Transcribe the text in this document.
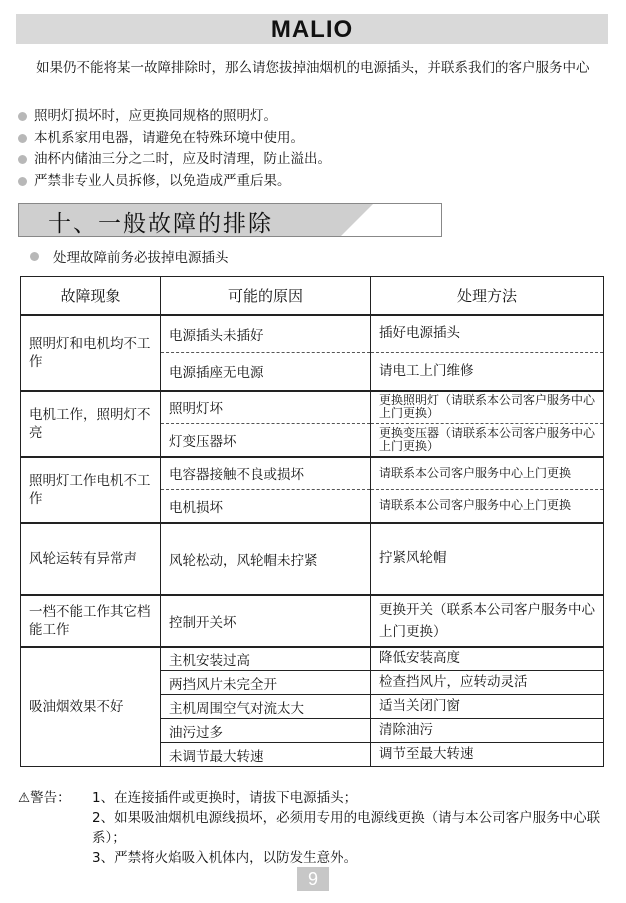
MALIO

如果仍不能将某一故障排除时，那么请您拔掉油烟机的电源插头，并联系我们的客户服务中心

照明灯损坏时，应更换同规格的照明灯。
本机系家用电器，请避免在特殊环境中使用。
油杯内储油三分之二时，应及时清理，防止溢出。
严禁非专业人员拆修，以免造成严重后果。
十、一般故障的排除
处理故障前务必拔掉电源插头
故障现象	可能的原因	处理方法
照明灯和电机均不工作	电源插头未插好	插好电源插头
	电源插座无电源	请电工上门维修
电机工作，照明灯不亮	照明灯坏	更换照明灯（请联系本公司客户服务中心上门更换）
	灯变压器坏	更换变压器（请联系本公司客户服务中心上门更换）
照明灯工作电机不工作	电容器接触不良或损坏	请联系本公司客户服务中心上门更换
	电机损坏	请联系本公司客户服务中心上门更换
风轮运转有异常声	风轮松动，风轮帽未拧紧	拧紧风轮帽
一档不能工作其它档能工作	控制开关坏	更换开关（联系本公司客户服务中心上门更换）
吸油烟效果不好	主机安装过高	降低安装高度
	两挡风片未完全开	检查挡风片，应转动灵活
	主机周围空气对流太大	适当关闭门窗
	油污过多	清除油污
	未调节最大转速	调节至最大转速
⚠警告：	1、在连接插件或更换时，请拔下电源插头；
2、如果吸油烟机电源线损坏，必须用专用的电源线更换（请与本公司客户服务中心联系）；
3、严禁将火焰吸入机体内，以防发生意外。
9
